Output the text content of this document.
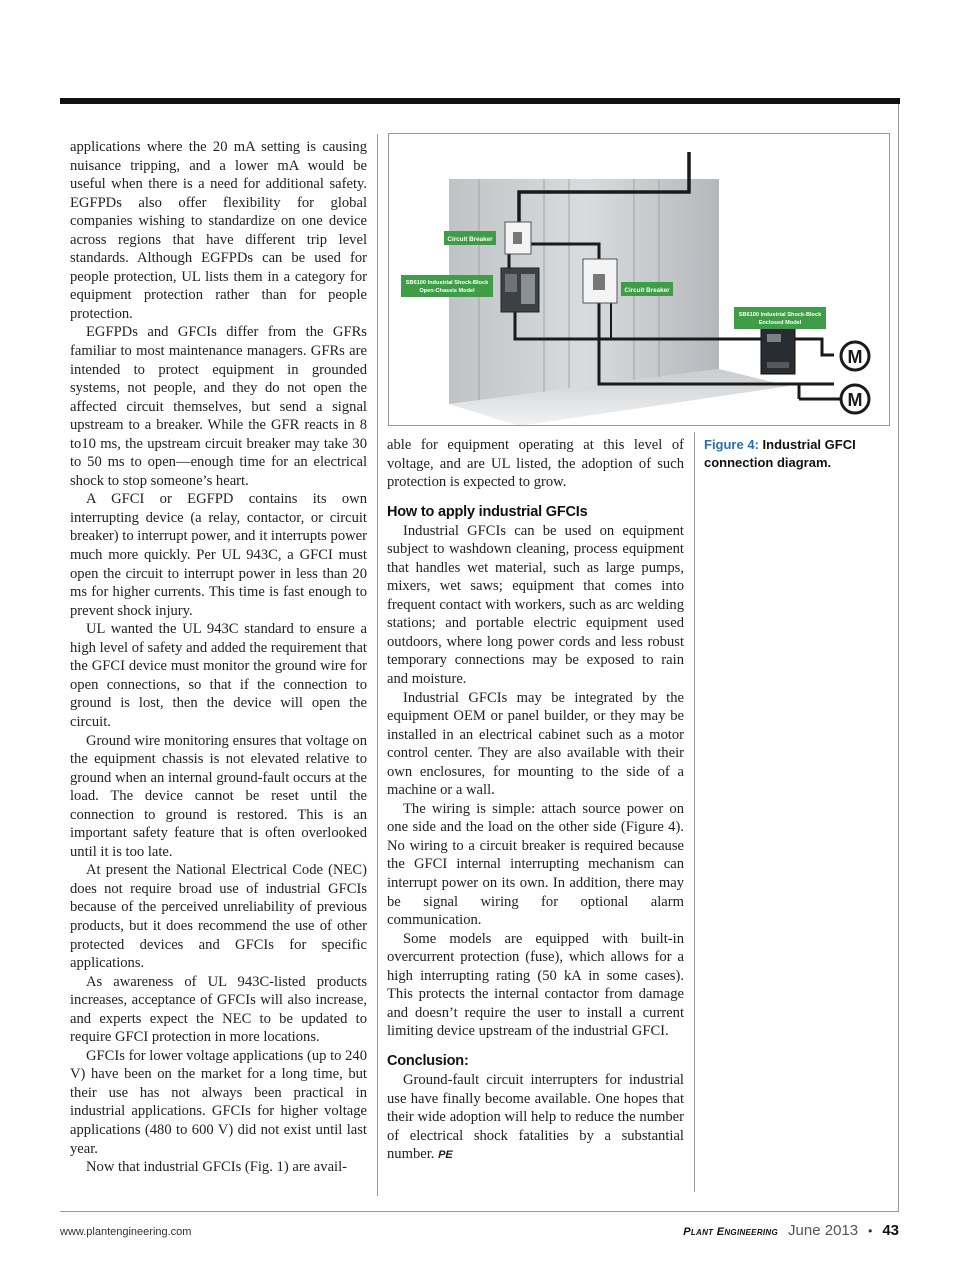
applications where the 20 mA setting is causing nuisance tripping, and a lower mA would be useful when there is a need for additional safety. EGFPDs also offer flexibility for global companies wishing to standardize on one device across regions that have different trip level standards. Although EGFPDs can be used for people protection, UL lists them in a category for equipment protection rather than for people protection.

EGFPDs and GFCIs differ from the GFRs familiar to most maintenance managers. GFRs are intended to protect equipment in grounded systems, not people, and they do not open the affected circuit themselves, but send a signal upstream to a breaker. While the GFR reacts in 8 to10 ms, the upstream circuit breaker may take 30 to 50 ms to open—enough time for an electrical shock to stop someone’s heart.

A GFCI or EGFPD contains its own interrupting device (a relay, contactor, or circuit breaker) to interrupt power, and it interrupts power much more quickly. Per UL 943C, a GFCI must open the circuit to interrupt power in less than 20 ms for higher currents. This time is fast enough to prevent shock injury.

UL wanted the UL 943C standard to ensure a high level of safety and added the requirement that the GFCI device must monitor the ground wire for open connections, so that if the connection to ground is lost, then the device will open the circuit.

Ground wire monitoring ensures that voltage on the equipment chassis is not elevated relative to ground when an internal ground-fault occurs at the load. The device cannot be reset until the connection to ground is restored. This is an important safety feature that is often overlooked until it is too late.

At present the National Electrical Code (NEC) does not require broad use of industrial GFCIs because of the perceived unreliability of previous products, but it does recommend the use of other protected devices and GFCIs for specific applications.

As awareness of UL 943C-listed products increases, acceptance of GFCIs will also increase, and experts expect the NEC to be updated to require GFCI protection in more locations.

GFCIs for lower voltage applications (up to 240 V) have been on the market for a long time, but their use has not always been practical in industrial applications. GFCIs for higher voltage applications (480 to 600 V) did not exist until last year.

Now that industrial GFCIs (Fig. 1) are avail-

Circuit Breaker
SB6100 Industrial Shock-Block
Open-Chassis Model	Circuit Breaker
SB6100 Industrial Shock-Block
Enclosed Model
M
M
Figure 4: Industrial GFCI connection diagram.

able for equipment operating at this level of voltage, and are UL listed, the adoption of such protection is expected to grow.

How to apply industrial GFCIs

Industrial GFCIs can be used on equipment subject to washdown cleaning, process equipment that handles wet material, such as large pumps, mixers, wet saws; equipment that comes into frequent contact with workers, such as arc welding stations; and portable electric equipment used outdoors, where long power cords and less robust temporary connections may be exposed to rain and moisture.

Industrial GFCIs may be integrated by the equipment OEM or panel builder, or they may be installed in an electrical cabinet such as a motor control center. They are also available with their own enclosures, for mounting to the side of a machine or a wall.

The wiring is simple: attach source power on one side and the load on the other side (Figure 4). No wiring to a circuit breaker is required because the GFCI internal interrupting mechanism can interrupt power on its own. In addition, there may be signal wiring for optional alarm communication.

Some models are equipped with built-in overcurrent protection (fuse), which allows for a high interrupting rating (50 kA in some cases). This protects the internal contactor from damage and doesn’t require the user to install a current limiting device upstream of the industrial GFCI.

Conclusion:

Ground-fault circuit interrupters for industrial use have finally become available. One hopes that their wide adoption will help to reduce the number of electrical shock fatalities by a substantial number. PE

www.plantengineering.com	Plant Engineering June 2013 • 43
